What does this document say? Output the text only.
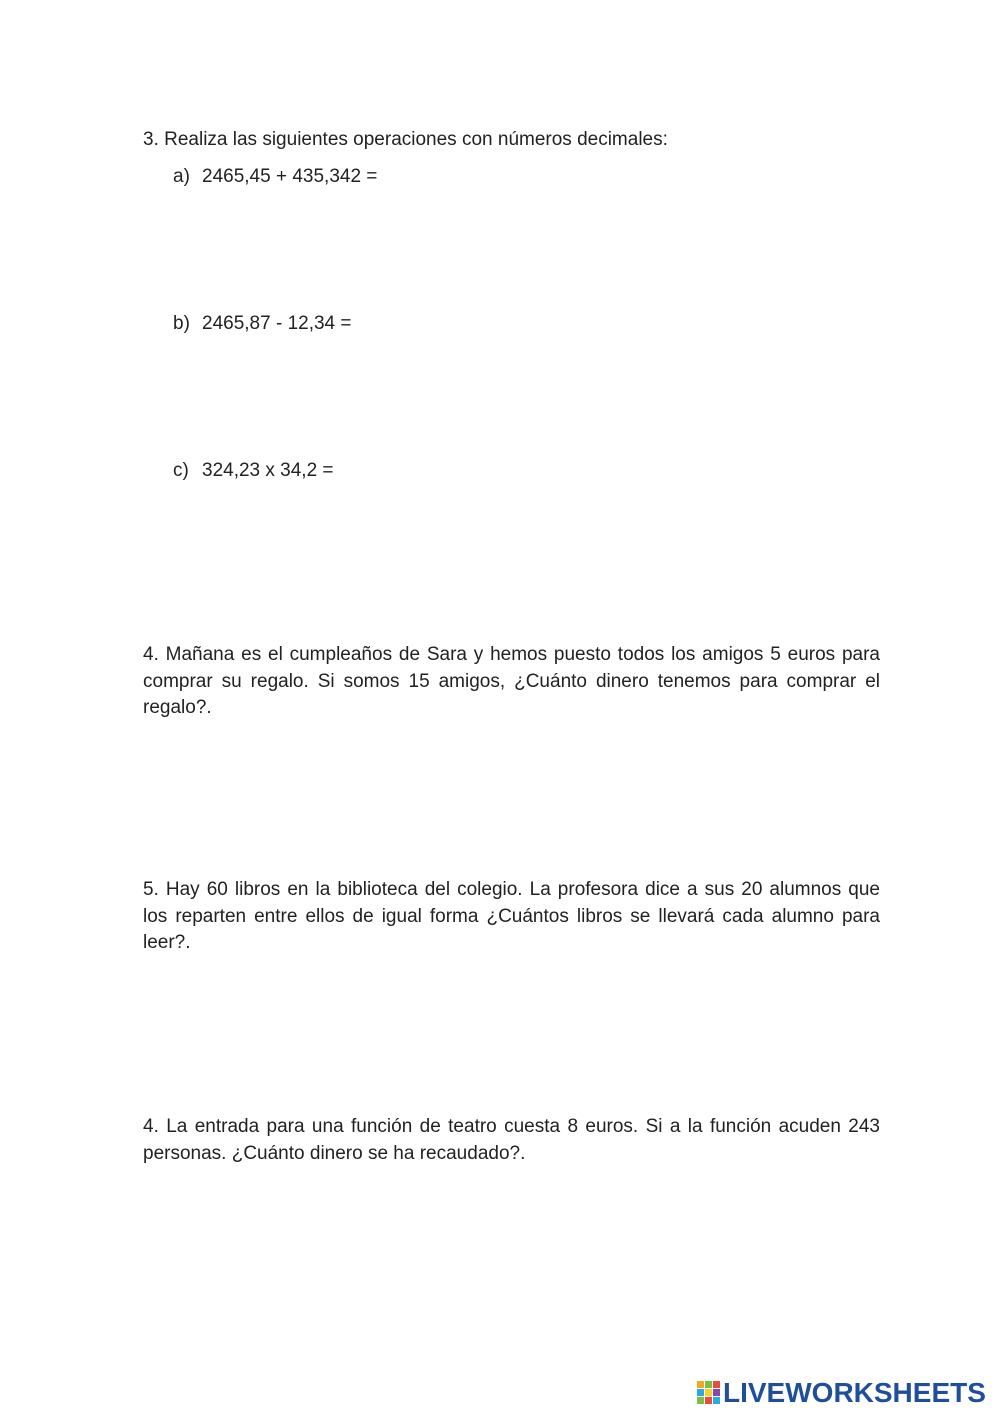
3. Realiza las siguientes operaciones con números decimales:
a) 2465,45 + 435,342 =
b) 2465,87 - 12,34 =
c) 324,23 x 34,2 =
4. Mañana es el cumpleaños de Sara y hemos puesto todos los amigos 5 euros para comprar su regalo. Si somos 15 amigos, ¿Cuánto dinero tenemos para comprar el regalo?.
5. Hay 60 libros en la biblioteca del colegio. La profesora dice a sus 20 alumnos que los reparten entre ellos de igual forma ¿Cuántos libros se llevará cada alumno para leer?.
4. La entrada para una función de teatro cuesta 8 euros. Si a la función acuden 243 personas. ¿Cuánto dinero se ha recaudado?.
LIVEWORKSHEETS
